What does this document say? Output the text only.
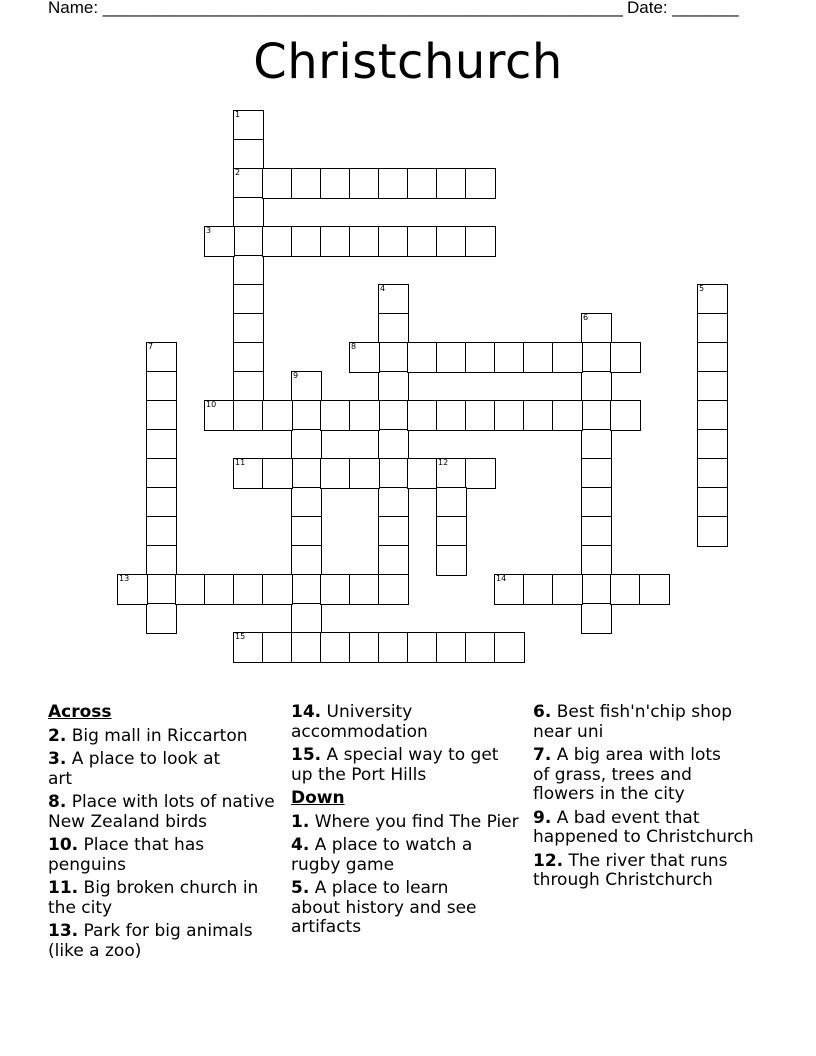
Name: _______________________________________________________ Date: _______
Christchurch
1
2
3
4	5
6
7	8
9
10
11	12
13	14
15
Across
2. Big mall in Riccarton
3. A place to look at art
8. Place with lots of native New Zealand birds
10. Place that has penguins
11. Big broken church in the city
13. Park for big animals (like a zoo)
14. University accommodation
15. A special way to get up the Port Hills
Down
1. Where you find The Pier
4. A place to watch a rugby game
5. A place to learn about history and see artifacts
6. Best fish'n'chip shop near uni
7. A big area with lots of grass, trees and flowers in the city
9. A bad event that happened to Christchurch
12. The river that runs through Christchurch
